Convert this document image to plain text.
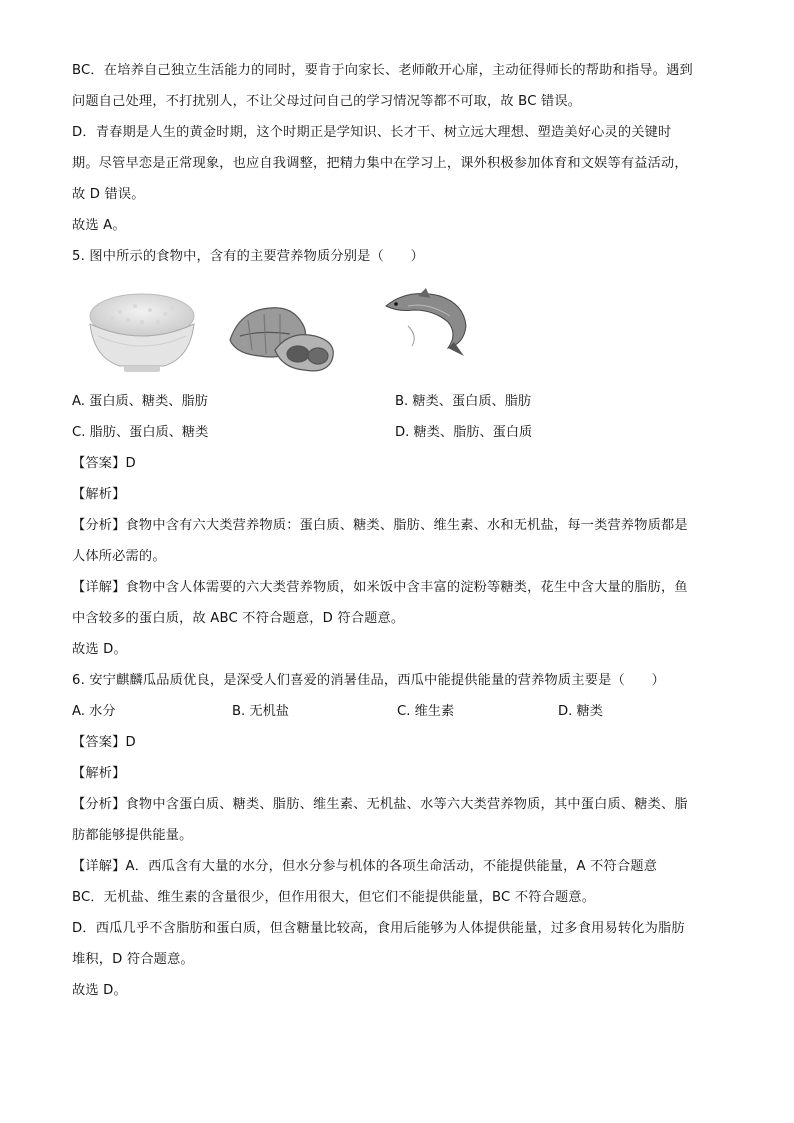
BC．在培养自己独立生活能力的同时，要肯于向家长、老师敞开心扉，主动征得师长的帮助和指导。遇到
问题自己处理，不打扰别人，不让父母过问自己的学习情况等都不可取，故 BC 错误。
D．青春期是人生的黄金时期，这个时期正是学知识、长才干、树立远大理想、塑造美好心灵的关键时
期。尽管早恋是正常现象，也应自我调整，把精力集中在学习上，课外积极参加体育和文娱等有益活动，
故 D 错误。
故选 A。
5. 图中所示的食物中，含有的主要营养物质分别是（　　）
A. 蛋白质、糖类、脂肪	B. 糖类、蛋白质、脂肪
C. 脂肪、蛋白质、糖类	D. 糖类、脂肪、蛋白质
【答案】D
【解析】
【分析】食物中含有六大类营养物质：蛋白质、糖类、脂肪、维生素、水和无机盐，每一类营养物质都是
人体所必需的。
【详解】食物中含人体需要的六大类营养物质，如米饭中含丰富的淀粉等糖类，花生中含大量的脂肪，鱼
中含较多的蛋白质，故 ABC 不符合题意，D 符合题意。
故选 D。
6. 安宁麒麟瓜品质优良，是深受人们喜爱的消暑佳品，西瓜中能提供能量的营养物质主要是（　　）
A. 水分	B. 无机盐	C. 维生素	D. 糖类
【答案】D
【解析】
【分析】食物中含蛋白质、糖类、脂肪、维生素、无机盐、水等六大类营养物质，其中蛋白质、糖类、脂
肪都能够提供能量。
【详解】A．西瓜含有大量的水分，但水分参与机体的各项生命活动，不能提供能量，A 不符合题意
BC．无机盐、维生素的含量很少，但作用很大，但它们不能提供能量，BC 不符合题意。
D．西瓜几乎不含脂肪和蛋白质，但含糖量比较高，食用后能够为人体提供能量，过多食用易转化为脂肪
堆积，D 符合题意。
故选 D。
